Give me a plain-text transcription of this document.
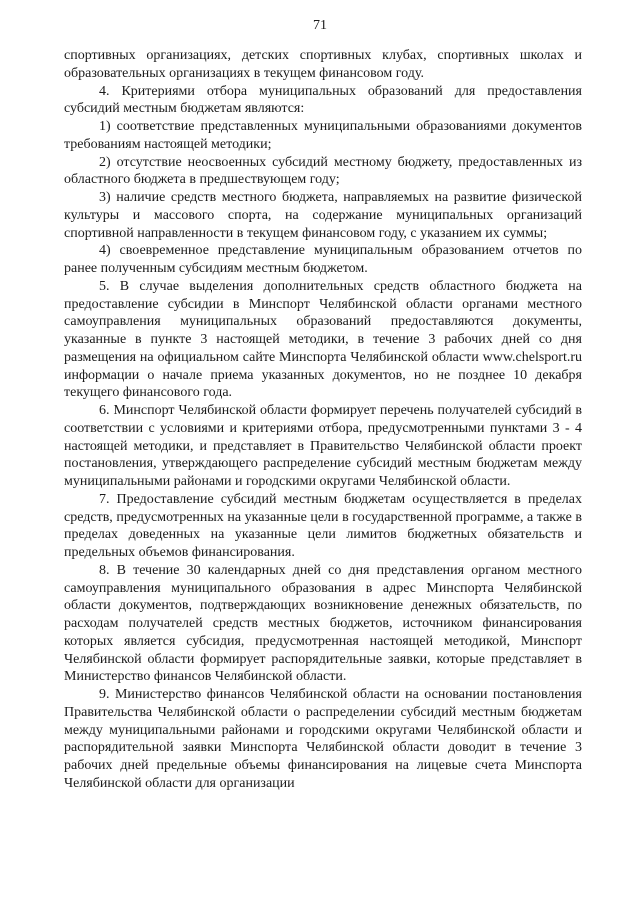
71

спортивных организациях, детских спортивных клубах, спортивных школах и образовательных организациях в текущем финансовом году.

4. Критериями отбора муниципальных образований для предоставления субсидий местным бюджетам являются:

1) соответствие представленных муниципальными образованиями документов требованиям настоящей методики;

2) отсутствие неосвоенных субсидий местному бюджету, предоставленных из областного бюджета в предшествующем году;

3) наличие средств местного бюджета, направляемых на развитие физической культуры и массового спорта, на содержание муниципальных организаций спортивной направленности в текущем финансовом году, с указанием их суммы;

4) своевременное представление муниципальным образованием отчетов по ранее полученным субсидиям местным бюджетом.

5. В случае выделения дополнительных средств областного бюджета на предоставление субсидии в Минспорт Челябинской области органами местного самоуправления муниципальных образований предоставляются документы, указанные в пункте 3 настоящей методики, в течение 3 рабочих дней со дня размещения на официальном сайте Минспорта Челябинской области www.chelsport.ru информации о начале приема указанных документов, но не позднее 10 декабря текущего финансового года.

6. Минспорт Челябинской области формирует перечень получателей субсидий в соответствии с условиями и критериями отбора, предусмотренными пунктами 3 - 4 настоящей методики, и представляет в Правительство Челябинской области проект постановления, утверждающего распределение субсидий местным бюджетам между муниципальными районами и городскими округами Челябинской области.

7. Предоставление субсидий местным бюджетам осуществляется в пределах средств, предусмотренных на указанные цели в государственной программе, а также в пределах доведенных на указанные цели лимитов бюджетных обязательств и предельных объемов финансирования.

8. В течение 30 календарных дней со дня представления органом местного самоуправления муниципального образования в адрес Минспорта Челябинской области документов, подтверждающих возникновение денежных обязательств, по расходам получателей средств местных бюджетов, источником финансирования которых является субсидия, предусмотренная настоящей методикой, Минспорт Челябинской области формирует распорядительные заявки, которые представляет в Министерство финансов Челябинской области.

9. Министерство финансов Челябинской области на основании постановления Правительства Челябинской области о распределении субсидий местным бюджетам между муниципальными районами и городскими округами Челябинской области и распорядительной заявки Минспорта Челябинской области доводит в течение 3 рабочих дней предельные объемы финансирования на лицевые счета Минспорта Челябинской области для организации
